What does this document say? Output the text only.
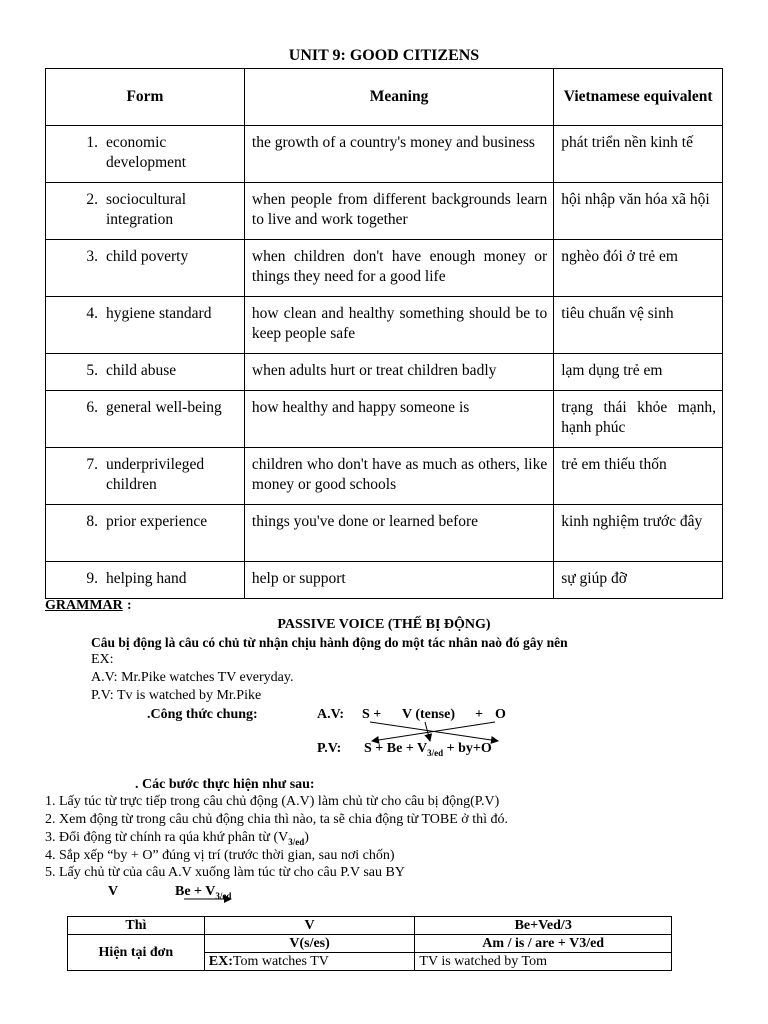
UNIT 9: GOOD CITIZENS
Form	Meaning	Vietnamese equivalent

1. economic development	the growth of a country's money and business	phát triển nền kinh tế

2. sociocultural integration	when people from different backgrounds learn to live and work together	hội nhập văn hóa xã hội

3. child poverty	when children don't have enough money or things they need for a good life	nghèo đói ở trẻ em

4. hygiene standard	how clean and healthy something should be to keep people safe	tiêu chuẩn vệ sinh

5. child abuse	when adults hurt or treat children badly	lạm dụng trẻ em

6. general well-being	how healthy and happy someone is	trạng thái khỏe mạnh, hạnh phúc

7. underprivileged children	children who don't have as much as others, like money or good schools	trẻ em thiếu thốn

8. prior experience	things you've done or learned before	kinh nghiệm trước đây

9. helping hand	help or support	sự giúp đỡ
GRAMMAR :
PASSIVE VOICE (THẾ BỊ ĐỘNG)
Câu bị động là câu có chủ từ nhận chịu hành động do một tác nhân naò đó gây nên
EX:
A.V: Mr.Pike watches TV everyday.
P.V: Tv is watched by Mr.Pike
.Công thức chung:	A.V: S + V (tense) + O
P.V: $S + Be + V_{3/ed} + by+O$
. Các bước thực hiện như sau:
1. Lấy túc từ trực tiếp trong câu chủ động (A.V) làm chủ từ cho câu bị động(P.V)
2. Xem động từ trong câu chủ động chia thì nào, ta sẽ chia động từ TOBE ở thì đó.
3. Đổi động từ chính ra qúa khứ phân từ $(V_{3/ed})$
4. Sắp xếp “by + O” đúng vị trí (trước thời gian, sau nơi chốn)
5. Lấy chủ từ của câu A.V xuống làm túc từ cho câu P.V sau BY
V	$Be + V_{3/ed}$
Thì	V	Be+Ved/3
Hiện tại đơn	V(s/es)	Am / is / are + V3/ed
	EX:Tom watches TV	TV is watched by Tom
